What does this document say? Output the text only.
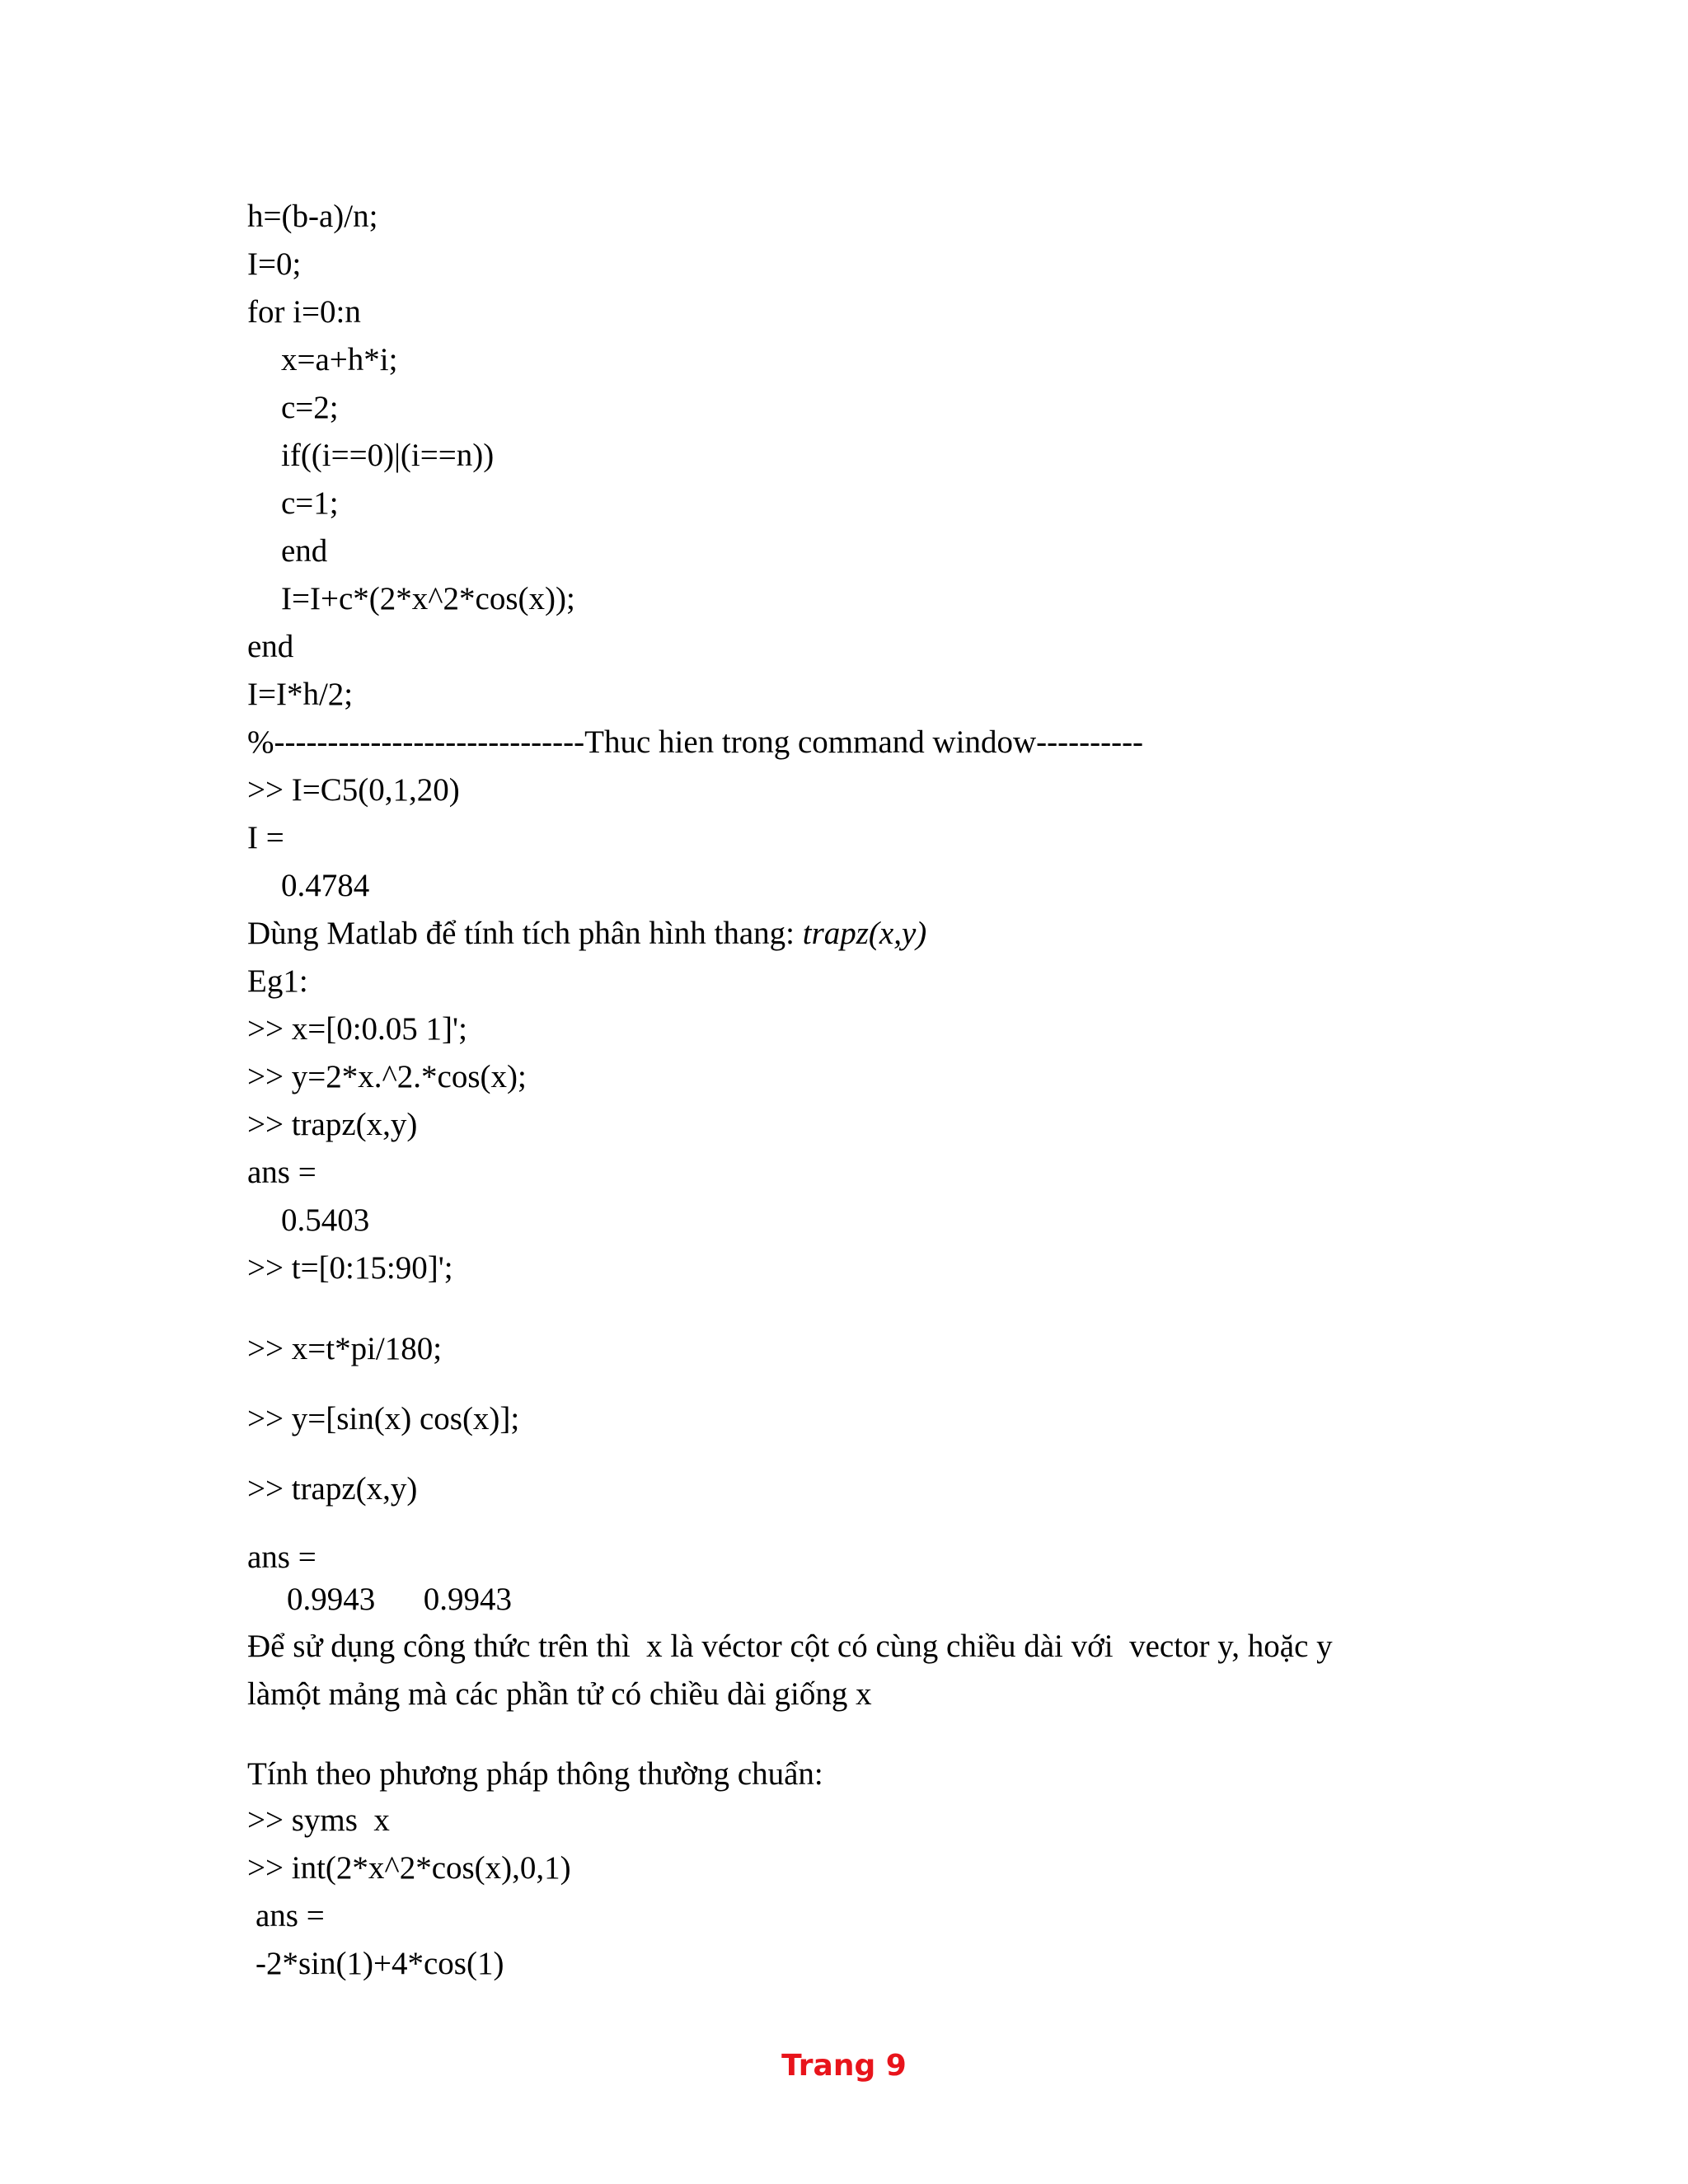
h=(b-a)/n;

I=0;

for i=0:n

x=a+h*i;

c=2;

if((i==0)|(i==n))

c=1;

end

I=I+c*(2*x^2*cos(x));

end

I=I*h/2;

%-----------------------------Thuc hien trong command window----------

>> I=C5(0,1,20)

I =

0.4784

Dùng Matlab để tính tích phân hình thang: trapz(x,y)

Eg1:

>> x=[0:0.05 1]';

>> y=2*x.^2.*cos(x);

>> trapz(x,y)

ans =

0.5403

>> t=[0:15:90]';

>> x=t*pi/180;

>> y=[sin(x) cos(x)];

>> trapz(x,y)

ans =

0.9943      0.9943

Để sử dụng công thức trên thì  x là véctor cột có cùng chiều dài với  vector y, hoặc y

làmột mảng mà các phần tử có chiều dài giống x

Tính theo phương pháp thông thường chuẩn:

>> syms  x

>> int(2*x^2*cos(x),0,1)

ans =

-2*sin(1)+4*cos(1)

Trang 9
